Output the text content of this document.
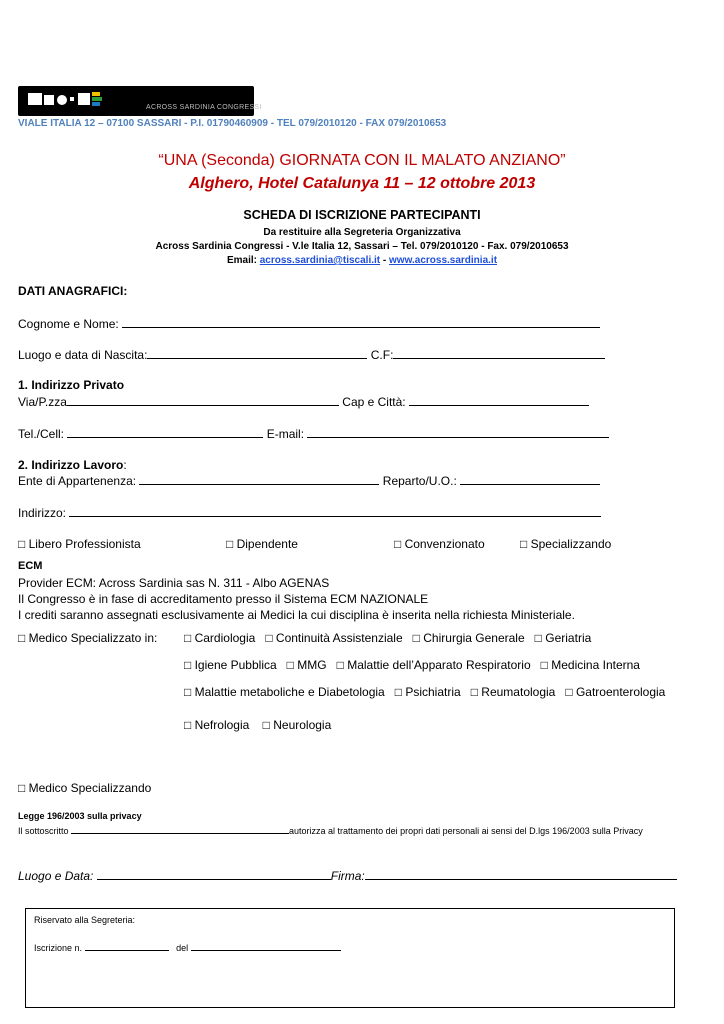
ACROSS SARDINIA CONGRESSI
VIALE ITALIA 12 – 07100 SASSARI - P.I. 01790460909 - TEL 079/2010120 - FAX 079/2010653
“UNA (Seconda) GIORNATA CON IL MALATO ANZIANO”
Alghero, Hotel Catalunya 11 – 12 ottobre 2013
SCHEDA DI ISCRIZIONE PARTECIPANTI
Da restituire alla Segreteria Organizzativa
Across Sardinia Congressi - V.le Italia 12, Sassari – Tel. 079/2010120 - Fax. 079/2010653
Email: across.sardinia@tiscali.it - www.across.sardinia.it
DATI ANAGRAFICI:
Cognome e Nome:
Luogo e data di Nascita:	C.F:
1. Indirizzo Privato
Via/P.zza	Cap e Città:
Tel./Cell:	E-mail:
2. Indirizzo Lavoro:
Ente di Appartenenza:	Reparto/U.O.:
Indirizzo:
□ Libero Professionista	□ Dipendente	□ Convenzionato	□ Specializzando
ECM
Provider ECM: Across Sardinia sas N. 311 - Albo AGENAS
Il Congresso è in fase di accreditamento presso il Sistema ECM NAZIONALE
I crediti saranno assegnati esclusivamente ai Medici la cui disciplina è inserita nella richiesta Ministeriale.
□ Medico Specializzato in: □ Cardiologia □ Continuità Assistenziale □ Chirurgia Generale □ Geriatria
□ Igiene Pubblica □ MMG □ Malattie dell’Apparato Respiratorio □ Medicina Interna
□ Malattie metaboliche e Diabetologia □ Psichiatria □ Reumatologia □ Gatroenterologia
□ Nefrologia □ Neurologia
□ Medico Specializzando
Legge 196/2003 sulla privacy
Il sottoscritto	autorizza al trattamento dei propri dati personali ai sensi del D.lgs 196/2003 sulla Privacy
Luogo e Data:	Firma:
Riservato alla Segreteria:
Iscrizione n.	del
